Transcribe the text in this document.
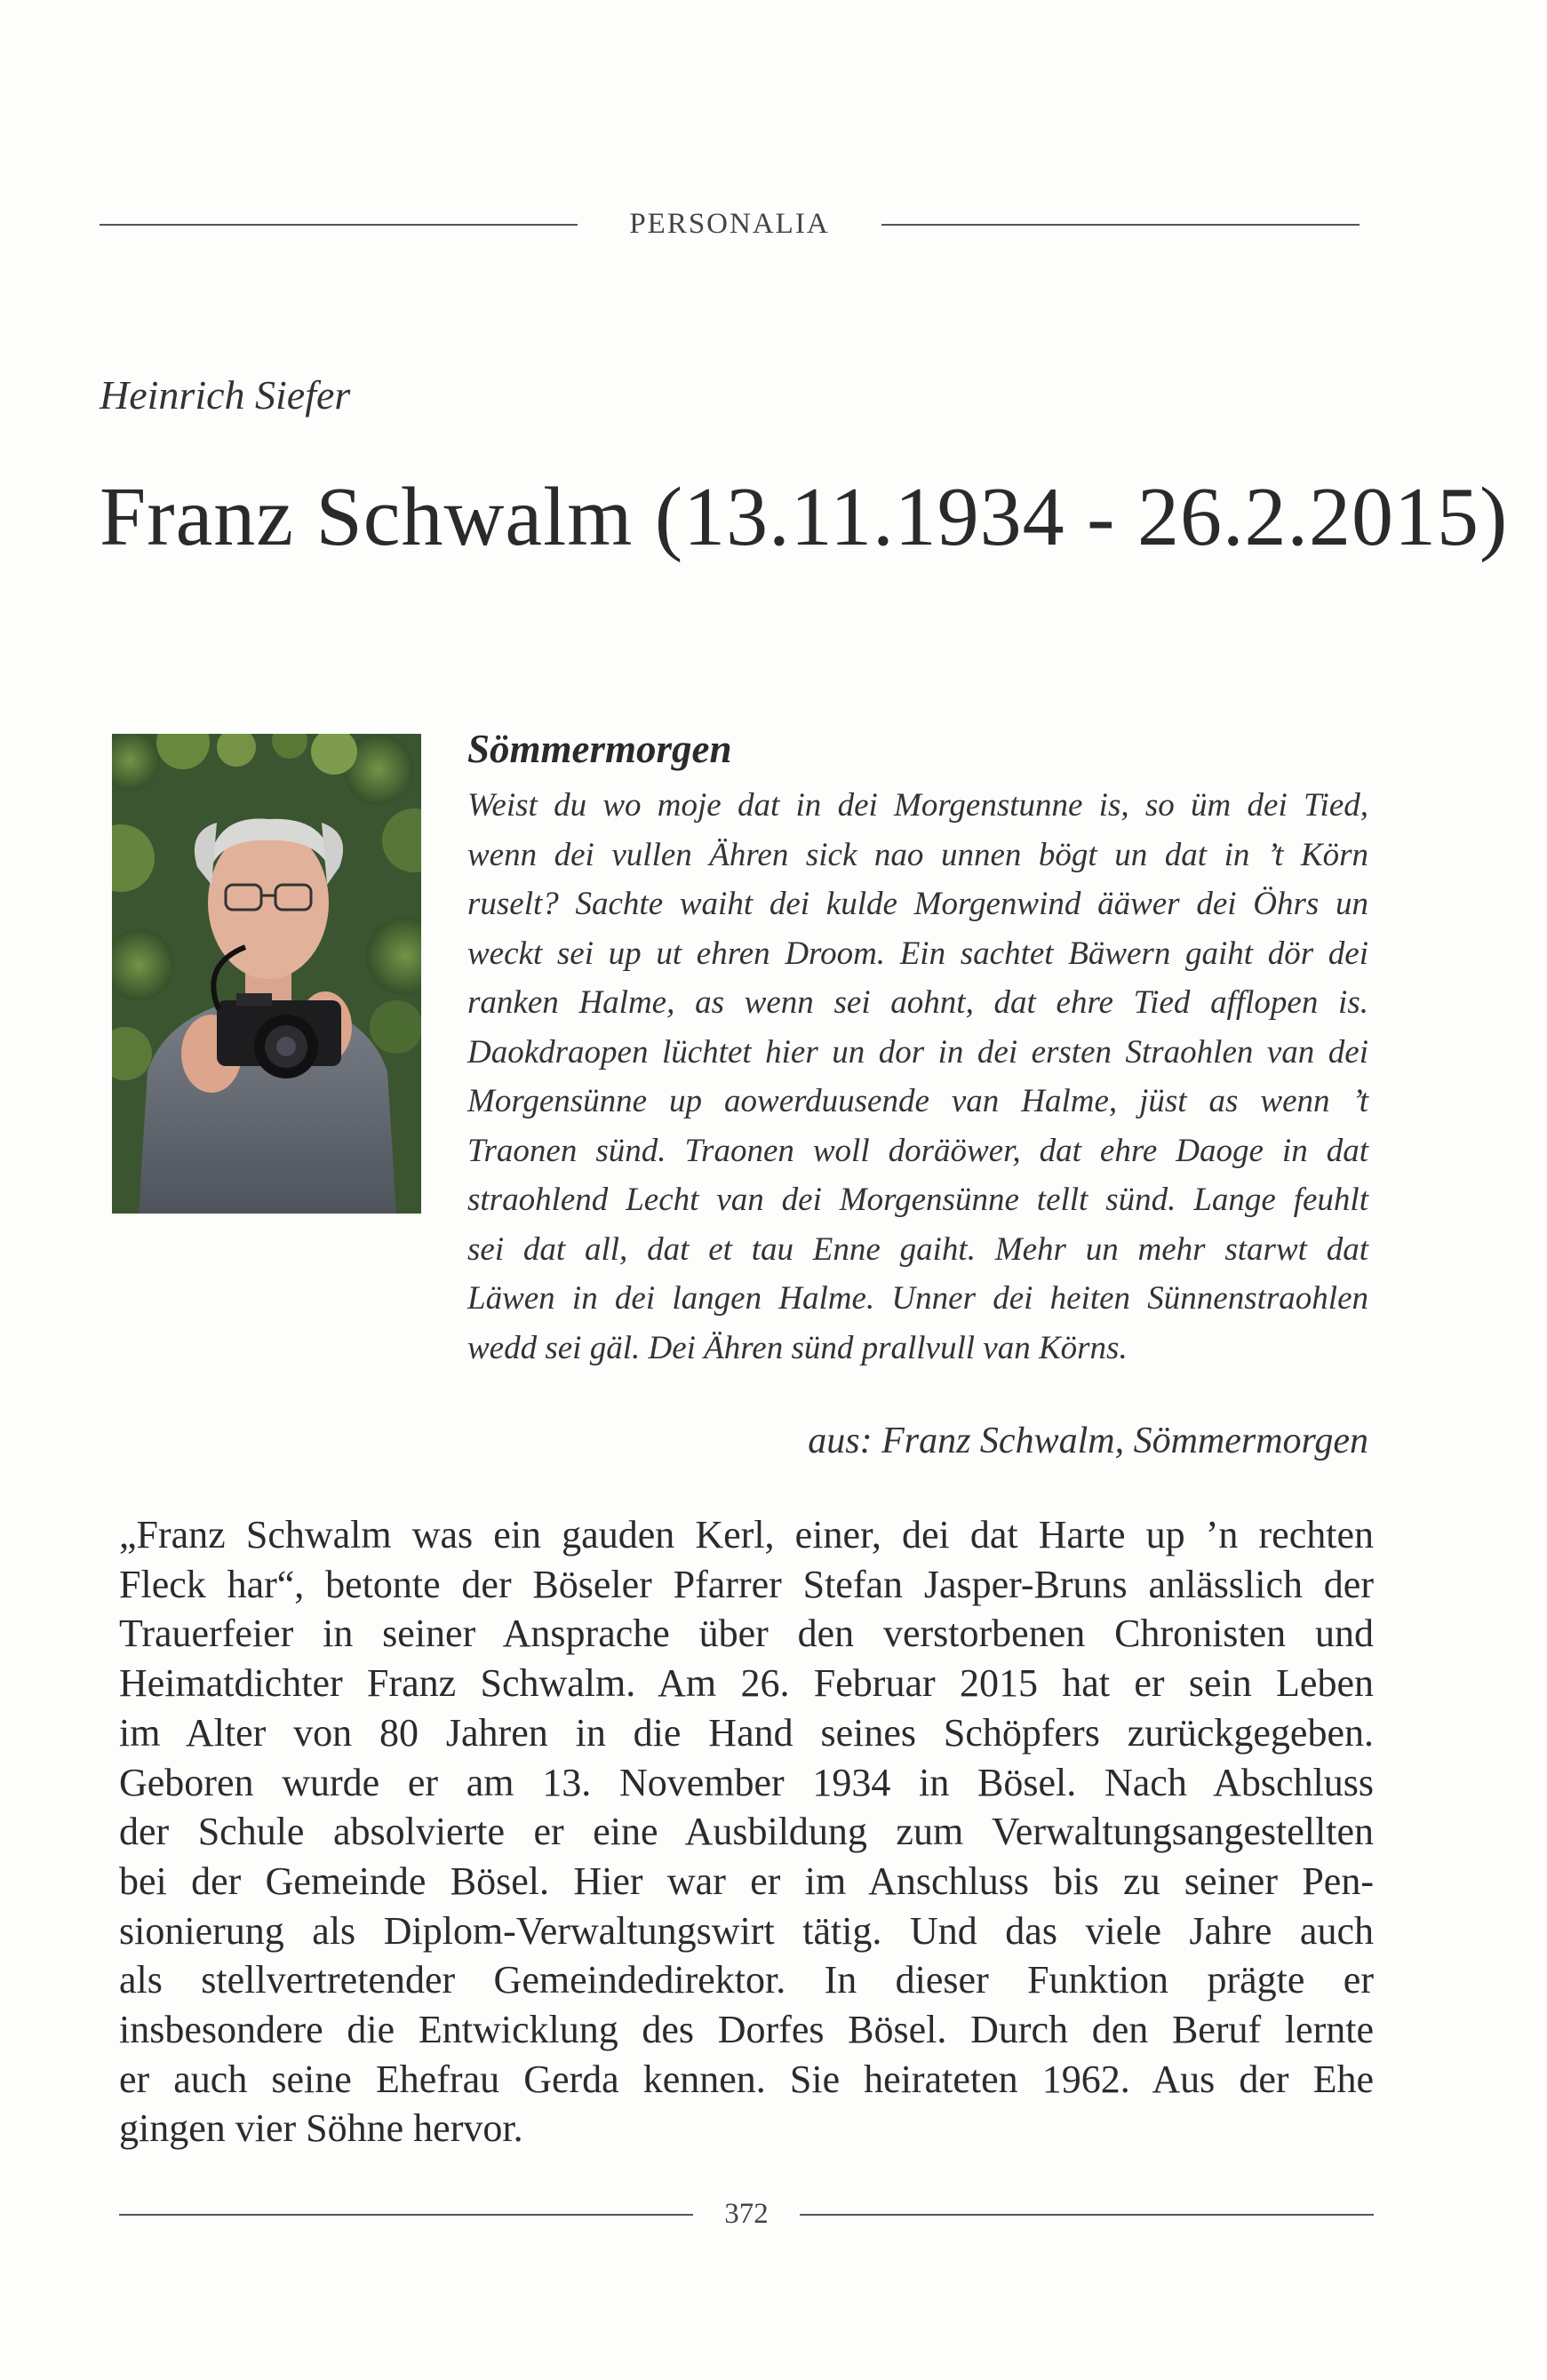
PERSONALIA
Heinrich Siefer
Franz Schwalm (13.11.1934 - 26.2.2015)
Sömmermorgen
Weist du wo moje dat in dei Morgenstunne is, so üm dei Tied,
wenn dei vullen Ähren sick nao unnen bögt un dat in ’t Körn
ruselt? Sachte waiht dei kulde Morgenwind ääwer dei Öhrs un
weckt sei up ut ehren Droom. Ein sachtet Bäwern gaiht dör dei
ranken Halme, as wenn sei aohnt, dat ehre Tied afflopen is.
Daokdraopen lüchtet hier un dor in dei ersten Straohlen van dei
Morgensünne up aowerduusende van Halme, jüst as wenn ’t
Traonen sünd. Traonen woll doräöwer, dat ehre Daoge in dat
straohlend Lecht van dei Morgensünne tellt sünd. Lange feuhlt
sei dat all, dat et tau Enne gaiht. Mehr un mehr starwt dat
Läwen in dei langen Halme. Unner dei heiten Sünnenstraohlen
wedd sei gäl. Dei Ähren sünd prallvull van Körns.
aus: Franz Schwalm, Sömmermorgen
„Franz Schwalm was ein gauden Kerl, einer, dei dat Harte up ’n rechten
Fleck har“, betonte der Böseler Pfarrer Stefan Jasper-Bruns anlässlich der
Trauerfeier in seiner Ansprache über den verstorbenen Chronisten und
Heimatdichter Franz Schwalm. Am 26. Februar 2015 hat er sein Leben
im Alter von 80 Jahren in die Hand seines Schöpfers zurückgegeben.
Geboren wurde er am 13. November 1934 in Bösel. Nach Abschluss
der Schule absolvierte er eine Ausbildung zum Verwaltungsangestellten
bei der Gemeinde Bösel. Hier war er im Anschluss bis zu seiner Pen-
sionierung als Diplom-Verwaltungswirt tätig. Und das viele Jahre auch
als stellvertretender Gemeindedirektor. In dieser Funktion prägte er
insbesondere die Entwicklung des Dorfes Bösel. Durch den Beruf lernte
er auch seine Ehefrau Gerda kennen. Sie heirateten 1962. Aus der Ehe
gingen vier Söhne hervor.
372
